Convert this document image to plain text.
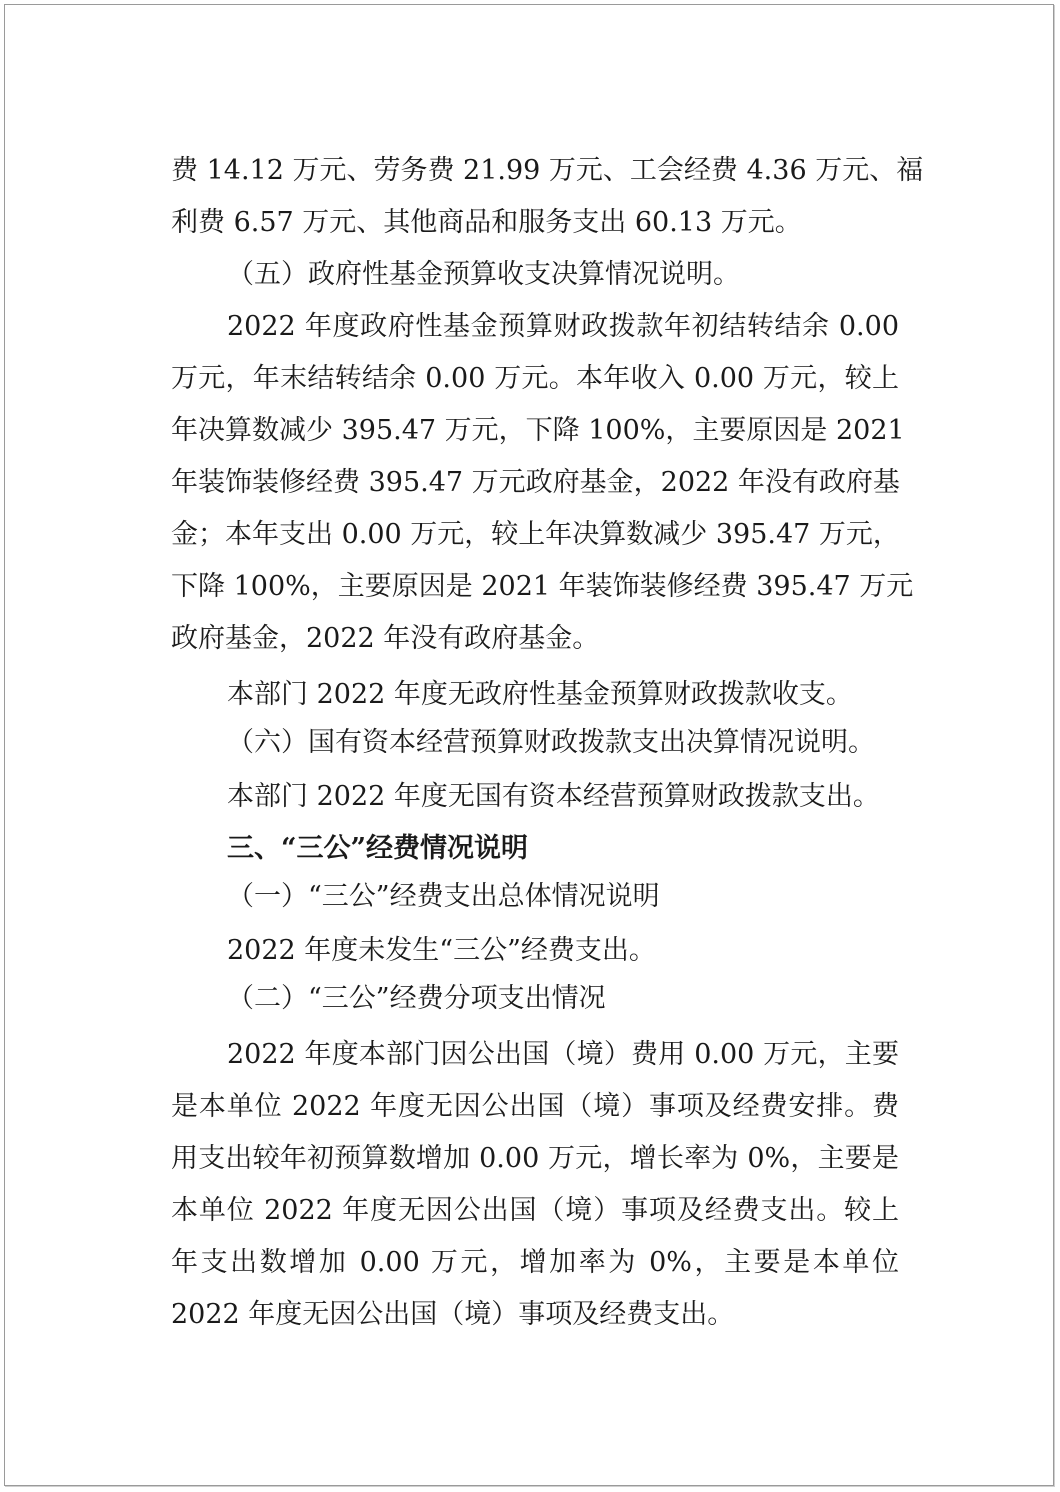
费 14.12 万元、劳务费 21.99 万元、工会经费 4.36 万元、福
利费 6.57 万元、其他商品和服务支出 60.13 万元。
（五）政府性基金预算收支决算情况说明。
2022 年度政府性基金预算财政拨款年初结转结余 0.00
万元，年末结转结余 0.00 万元。本年收入 0.00 万元，较上
年决算数减少 395.47 万元，下降 100%，主要原因是 2021
年装饰装修经费 395.47 万元政府基金，2022 年没有政府基
金；本年支出 0.00 万元，较上年决算数减少 395.47 万元，
下降 100%，主要原因是 2021 年装饰装修经费 395.47 万元
政府基金，2022 年没有政府基金。
本部门 2022 年度无政府性基金预算财政拨款收支。
（六）国有资本经营预算财政拨款支出决算情况说明。
本部门 2022 年度无国有资本经营预算财政拨款支出。
三、“三公”经费情况说明
（一）“三公”经费支出总体情况说明
2022 年度未发生“三公”经费支出。
（二）“三公”经费分项支出情况
2022 年度本部门因公出国（境）费用 0.00 万元，主要
是本单位 2022 年度无因公出国（境）事项及经费安排。费
用支出较年初预算数增加 0.00 万元，增长率为 0%，主要是
本单位 2022 年度无因公出国（境）事项及经费支出。较上
年支出数增加 0.00 万元，增加率为 0%，主要是本单位
2022 年度无因公出国（境）事项及经费支出。
